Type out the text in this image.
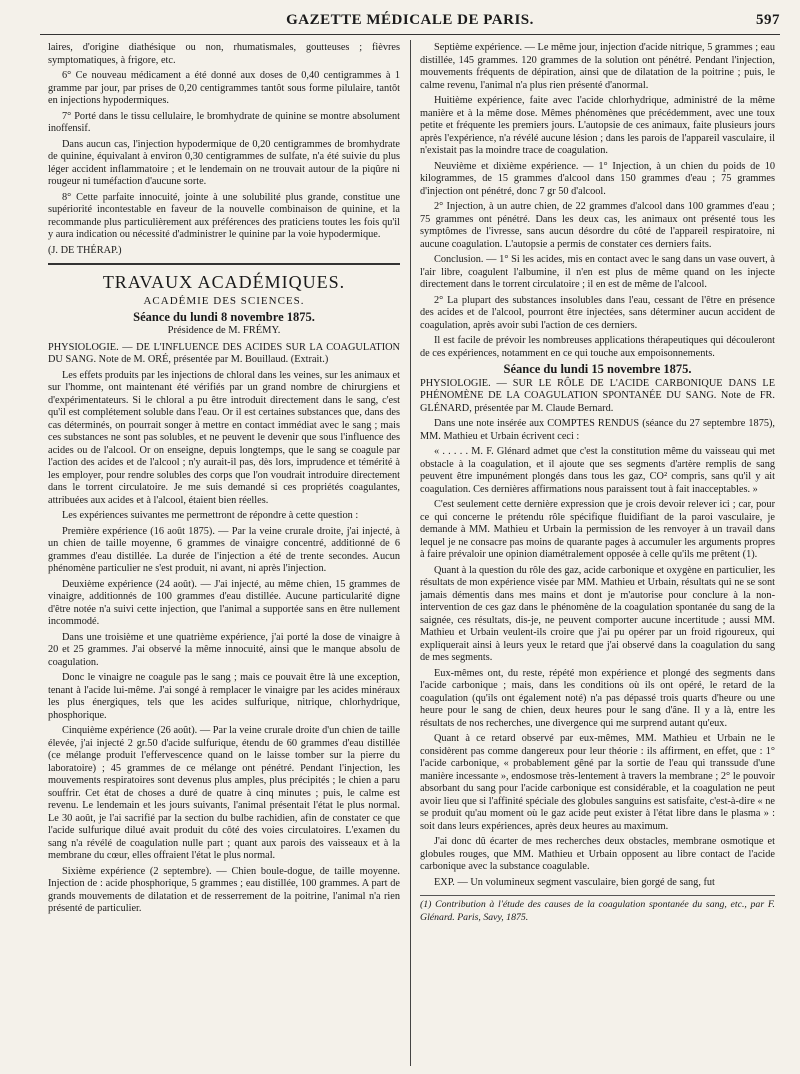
GAZETTE MÉDICALE DE PARIS.	597

laires, d'origine diathésique ou non, rhumatismales, goutteuses ; fièvres symptomatiques, à frigore, etc.

6° Ce nouveau médicament a été donné aux doses de 0,40 centigrammes à 1 gramme par jour, par prises de 0,20 centigrammes tantôt sous forme pilulaire, tantôt en injections hypodermiques.

7° Porté dans le tissu cellulaire, le bromhydrate de quinine se montre absolument inoffensif.

Dans aucun cas, l'injection hypodermique de 0,20 centigrammes de bromhydrate de quinine, équivalant à environ 0,30 centigrammes de sulfate, n'a été suivie du plus léger accident inflammatoire ; et le lendemain on ne trouvait autour de la piqûre ni rougeur ni tuméfaction d'aucune sorte.

8° Cette parfaite innocuité, jointe à une solubilité plus grande, constitue une supériorité incontestable en faveur de la nouvelle combinaison de quinine, et la recommande plus particulièrement aux préférences des praticiens toutes les fois qu'il y aura indication ou nécessité d'administrer le quinine par la voie hypodermique.

(J. DE THÉRAP.)

TRAVAUX ACADÉMIQUES.
ACADÉMIE DES SCIENCES.
Séance du lundi 8 novembre 1875.
Présidence de M. FRÉMY.

PHYSIOLOGIE. — DE L'INFLUENCE DES ACIDES SUR LA COAGULATION DU SANG. Note de M. ORÉ, présentée par M. Bouillaud. (Extrait.)

Les effets produits par les injections de chloral dans les veines, sur les animaux et sur l'homme, ont maintenant été vérifiés par un grand nombre de chirurgiens et d'expérimentateurs. Si le chloral a pu être introduit directement dans le sang, c'est qu'il est complétement soluble dans l'eau. Or il est certaines substances que, dans des cas déterminés, on pourrait songer à mettre en contact immédiat avec le sang ; mais ces substances ne sont pas solubles, et ne peuvent le devenir que sous l'influence des acides ou de l'alcool. Or on enseigne, depuis longtemps, que le sang se coagule par l'action des acides et de l'alcool ; n'y aurait-il pas, dès lors, imprudence et témérité à les employer, pour rendre solubles des corps que l'on voudrait introduire directement dans le torrent circulatoire. Je me suis demandé si ces propriétés coagulantes, attribuées aux acides et à l'alcool, étaient bien réelles.

Les expériences suivantes me permettront de répondre à cette question :

Première expérience (16 août 1875). — Par la veine crurale droite, j'ai injecté, à un chien de taille moyenne, 6 grammes de vinaigre concentré, additionné de 6 grammes d'eau distillée. La durée de l'injection a été de trente secondes. Aucun phénomène particulier ne s'est produit, ni avant, ni après l'injection.

Deuxième expérience (24 août). — J'ai injecté, au même chien, 15 grammes de vinaigre, additionnés de 100 grammes d'eau distillée. Aucune particularité digne d'être notée n'a suivi cette injection, que l'animal a supportée sans en être nullement incommodé.

Dans une troisième et une quatrième expérience, j'ai porté la dose de vinaigre à 20 et 25 grammes. J'ai observé la même innocuité, ainsi que le manque absolu de coagulation.

Donc le vinaigre ne coagule pas le sang ; mais ce pouvait être là une exception, tenant à l'acide lui-même. J'ai songé à remplacer le vinaigre par les acides minéraux les plus énergiques, tels que les acides sulfurique, nitrique, chlorhydrique, phosphorique.

Cinquième expérience (26 août). — Par la veine crurale droite d'un chien de taille élevée, j'ai injecté 2 gr.50 d'acide sulfurique, étendu de 60 grammes d'eau distillée (ce mélange produit l'effervescence quand on le laisse tomber sur la pierre du laboratoire) ; 45 grammes de ce mélange ont pénétré. Pendant l'injection, les mouvements respiratoires sont devenus plus amples, plus précipités ; le chien a paru souffrir. Cet état de choses a duré de quatre à cinq minutes ; puis, le calme est revenu. Le lendemain et les jours suivants, l'animal présentait l'état le plus normal. Le 30 août, je l'ai sacrifié par la section du bulbe rachidien, afin de constater ce que l'acide sulfurique dilué avait produit du côté des voies circulatoires. L'examen du sang n'a révélé de coagulation nulle part ; quant aux parois des vaisseaux et à la membrane du cœur, elles offraient l'état le plus normal.

Sixième expérience (2 septembre). — Chien boule-dogue, de taille moyenne. Injection de : acide phosphorique, 5 grammes ; eau distillée, 100 grammes. A part de grands mouvements de dilatation et de resserrement de la poitrine, l'animal n'a rien présenté de particulier.

Septième expérience. — Le même jour, injection d'acide nitrique, 5 grammes ; eau distillée, 145 grammes. 120 grammes de la solution ont pénétré. Pendant l'injection, mouvements fréquents de dépiration, ainsi que de dilatation de la poitrine ; puis, le calme revenu, l'animal n'a plus rien présenté d'anormal.

Huitième expérience, faite avec l'acide chlorhydrique, administré de la même manière et à la même dose. Mêmes phénomènes que précédemment, avec une toux petite et fréquente les premiers jours. L'autopsie de ces animaux, faite plusieurs jours après l'expérience, n'a révélé aucune lésion ; dans les parois de l'appareil vasculaire, il n'existait pas la moindre trace de coagulation.

Neuvième et dixième expérience. — 1° Injection, à un chien du poids de 10 kilogrammes, de 15 grammes d'alcool dans 150 grammes d'eau ; 75 grammes d'injection ont pénétré, donc 7 gr 50 d'alcool.

2° Injection, à un autre chien, de 22 grammes d'alcool dans 100 grammes d'eau ; 75 grammes ont pénétré. Dans les deux cas, les animaux ont présenté tous les symptômes de l'ivresse, sans aucun désordre du côté de l'appareil respiratoire, ni aucune coagulation. L'autopsie a permis de constater ces derniers faits.

Conclusion. — 1° Si les acides, mis en contact avec le sang dans un vase ouvert, à l'air libre, coagulent l'albumine, il n'en est plus de même quand on les injecte directement dans le torrent circulatoire ; il en est de même de l'alcool.

2° La plupart des substances insolubles dans l'eau, cessant de l'être en présence des acides et de l'alcool, pourront être injectées, sans déterminer aucun accident de coagulation, après avoir subi l'action de ces derniers.

Il est facile de prévoir les nombreuses applications thérapeutiques qui découleront de ces expériences, notamment en ce qui touche aux empoisonnements.

Séance du lundi 15 novembre 1875.

PHYSIOLOGIE. — SUR LE RÔLE DE L'ACIDE CARBONIQUE DANS LE PHÉNOMÈNE DE LA COAGULATION SPONTANÉE DU SANG. Note de FR. GLÉNARD, présentée par M. Claude Bernard.

Dans une note insérée aux COMPTES RENDUS (séance du 27 septembre 1875), MM. Mathieu et Urbain écrivent ceci :

« . . . . . M. F. Glénard admet que c'est la constitution même du vaisseau qui met obstacle à la coagulation, et il ajoute que ses segments d'artère remplis de sang peuvent être impunément plongés dans tous les gaz, CO² compris, sans qu'il y ait coagulation. Ces dernières affirmations nous paraissent tout à fait inacceptables. »

C'est seulement cette dernière expression que je crois devoir relever ici ; car, pour ce qui concerne le prétendu rôle spécifique fluidifiant de la paroi vasculaire, je demande à MM. Mathieu et Urbain la permission de les renvoyer à un travail dans lequel je ne consacre pas moins de quarante pages à accumuler les arguments propres à faire prévaloir une opinion diamétralement opposée à celle qu'ils me prêtent (1).

Quant à la question du rôle des gaz, acide carbonique et oxygène en particulier, les résultats de mon expérience visée par MM. Mathieu et Urbain, résultats qui ne se sont jamais démentis dans mes mains et dont je m'autorise pour conclure à la non-intervention de ces gaz dans le phénomène de la coagulation spontanée du sang de la saignée, ces résultats, dis-je, ne peuvent comporter aucune incertitude ; aussi MM. Mathieu et Urbain veulent-ils croire que j'ai pu opérer par un froid rigoureux, qui expliquerait ainsi à leurs yeux le retard que j'ai observé dans la coagulation du sang de mes segments.

Eux-mêmes ont, du reste, répété mon expérience et plongé des segments dans l'acide carbonique ; mais, dans les conditions où ils ont opéré, le retard de la coagulation (qu'ils ont également noté) n'a pas dépassé trois quarts d'heure ou une heure pour le sang de chien, deux heures pour le sang d'âne. Il y a là, entre les résultats de nos recherches, une divergence qui me surprend autant qu'eux.

Quant à ce retard observé par eux-mêmes, MM. Mathieu et Urbain ne le considèrent pas comme dangereux pour leur théorie : ils affirment, en effet, que : 1° l'acide carbonique, « probablement gêné par la sortie de l'eau qui transsude d'une manière incessante », endosmose très-lentement à travers la membrane ; 2° le pouvoir absorbant du sang pour l'acide carbonique est considérable, et la coagulation ne peut avoir lieu que si l'affinité spéciale des globules sanguins est satisfaite, c'est-à-dire « ne se produit qu'au moment où le gaz acide peut exister à l'état libre dans le plasma » : soit dans leurs expériences, après deux heures au maximum.

J'ai donc dû écarter de mes recherches deux obstacles, membrane osmotique et globules rouges, que MM. Mathieu et Urbain opposent au libre contact de l'acide carbonique avec la substance coagulable.

EXP. — Un volumineux segment vasculaire, bien gorgé de sang, fut

(1) Contribution à l'étude des causes de la coagulation spontanée du sang, etc., par F. Glénard. Paris, Savy, 1875.
